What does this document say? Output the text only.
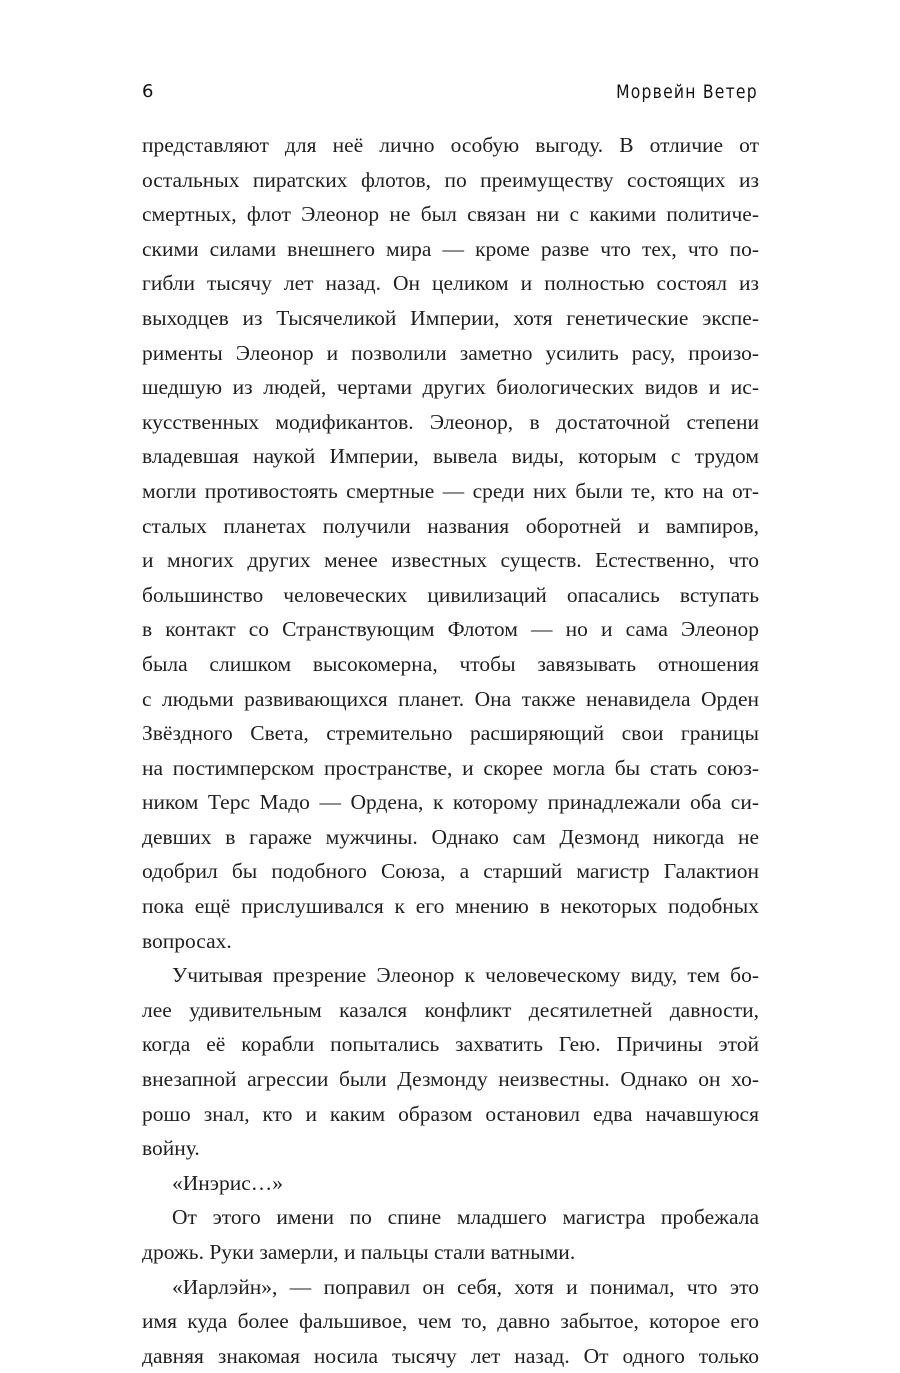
6	Морвейн Ветер
представляют для неё лично особую выгоду. В отличие от
остальных пиратских флотов, по преимуществу состоящих из
смертных, флот Элеонор не был связан ни с какими политиче-
скими силами внешнего мира — кроме разве что тех, что по-
гибли тысячу лет назад. Он целиком и полностью состоял из
выходцев из Тысячеликой Империи, хотя генетические экспе-
рименты Элеонор и позволили заметно усилить расу, произо-
шедшую из людей, чертами других биологических видов и ис-
кусственных модификантов. Элеонор, в достаточной степени
владевшая наукой Империи, вывела виды, которым с трудом
могли противостоять смертные — среди них были те, кто на от-
сталых планетах получили названия оборотней и вампиров,
и многих других менее известных существ. Естественно, что
большинство человеческих цивилизаций опасались вступать
в контакт со Странствующим Флотом — но и сама Элеонор
была слишком высокомерна, чтобы завязывать отношения
с людьми развивающихся планет. Она также ненавидела Орден
Звёздного Света, стремительно расширяющий свои границы
на постимперском пространстве, и скорее могла бы стать союз-
ником Терс Мадо — Ордена, к которому принадлежали оба си-
девших в гараже мужчины. Однако сам Дезмонд никогда не
одобрил бы подобного Союза, а старший магистр Галактион
пока ещё прислушивался к его мнению в некоторых подобных
вопросах.
Учитывая презрение Элеонор к человеческому виду, тем бо-
лее удивительным казался конфликт десятилетней давности,
когда её корабли попытались захватить Гею. Причины этой
внезапной агрессии были Дезмонду неизвестны. Однако он хо-
рошо знал, кто и каким образом остановил едва начавшуюся
войну.
«Инэрис…»
От этого имени по спине младшего магистра пробежала
дрожь. Руки замерли, и пальцы стали ватными.
«Иарлэйн», — поправил он себя, хотя и понимал, что это
имя куда более фальшивое, чем то, давно забытое, которое его
давняя знакомая носила тысячу лет назад. От одного только
